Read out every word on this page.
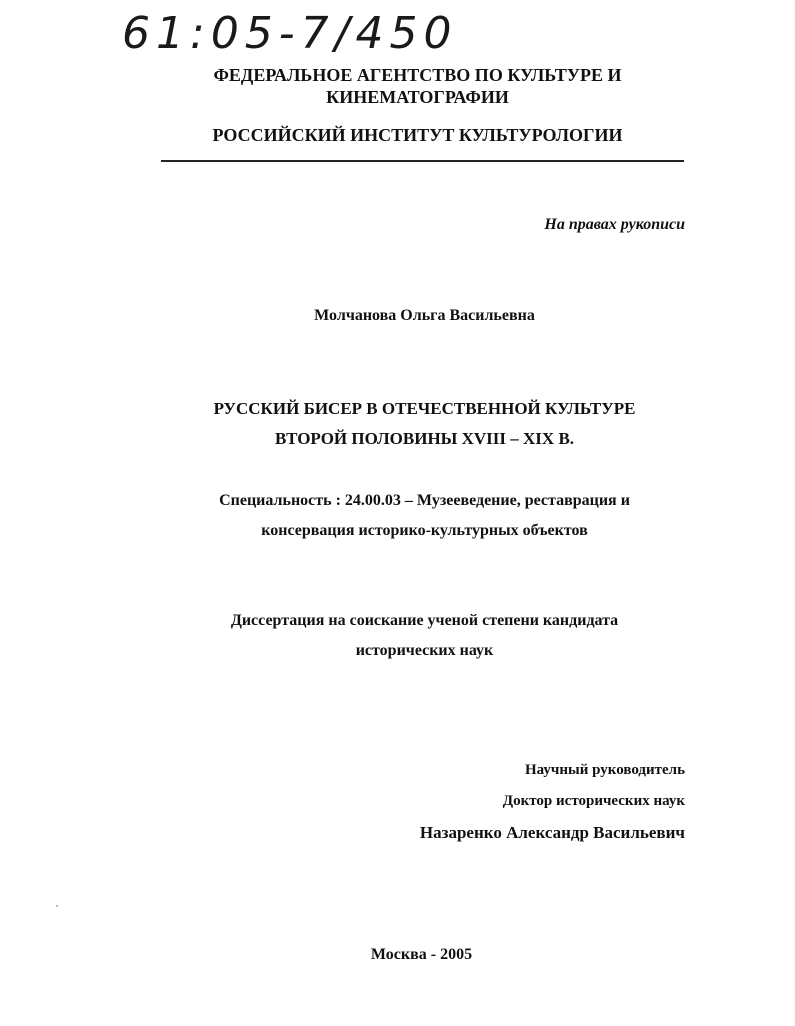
61:05-7/450
ФЕДЕРАЛЬНОЕ АГЕНТСТВО ПО КУЛЬТУРЕ И
КИНЕМАТОГРАФИИ
РОССИЙСКИЙ ИНСТИТУТ КУЛЬТУРОЛОГИИ
На правах рукописи
Молчанова Ольга Васильевна
РУССКИЙ БИСЕР В ОТЕЧЕСТВЕННОЙ КУЛЬТУРЕ
ВТОРОЙ ПОЛОВИНЫ XVIII – XIX В.
Специальность : 24.00.03 – Музееведение, реставрация и
консервация историко-культурных объектов
Диссертация на соискание ученой степени кандидата
исторических наук
Научный руководитель
Доктор исторических наук
Назаренко Александр Васильевич
Москва - 2005
